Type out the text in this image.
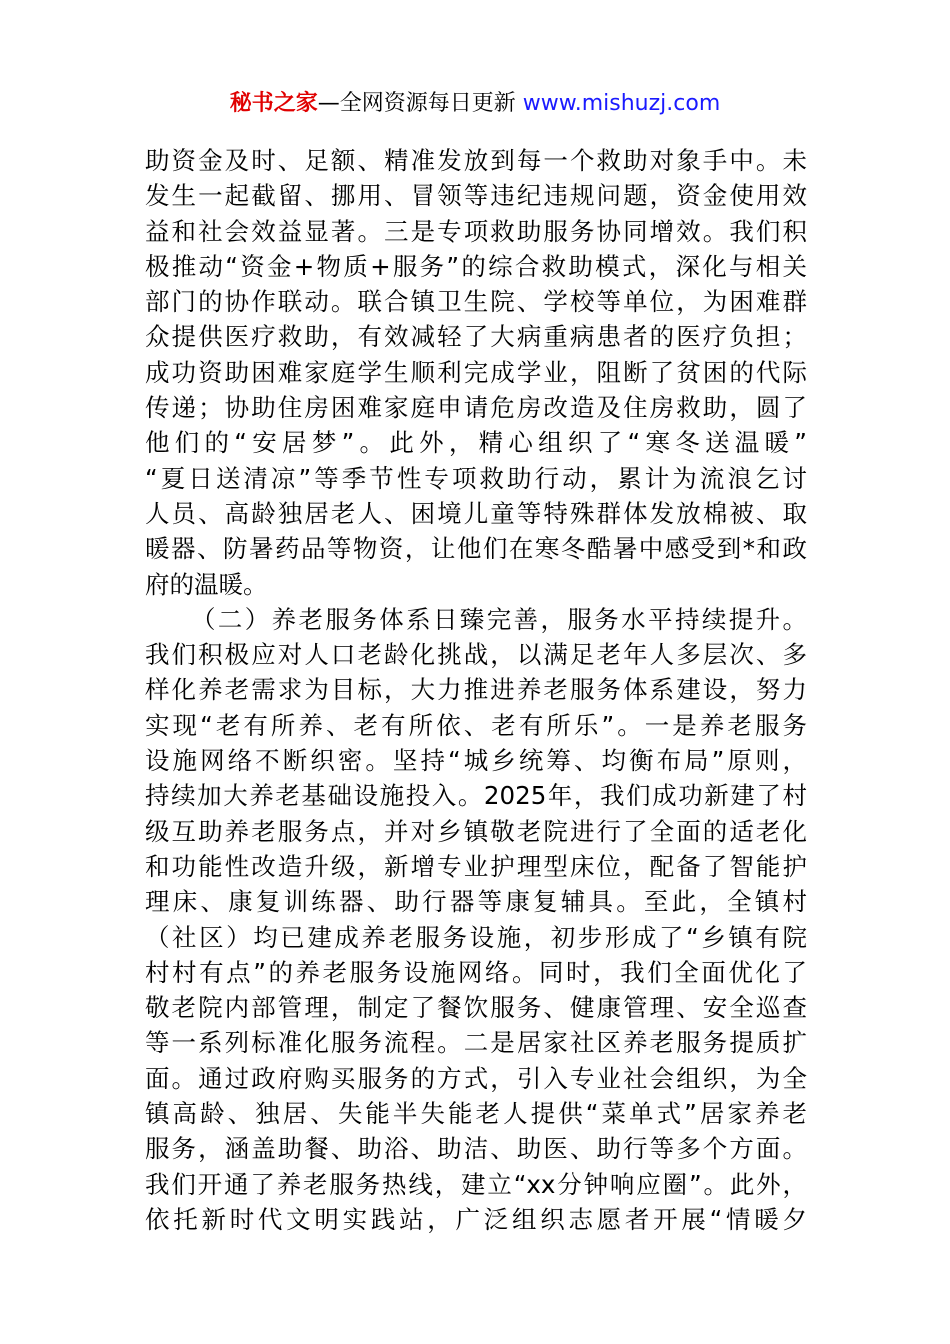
秘书之家—全网资源每日更新 www.mishuzj.com
助资金及时、足额、精准发放到每一个救助对象手中。未
发生一起截留、挪用、冒领等违纪违规问题，资金使用效
益和社会效益显著。三是专项救助服务协同增效。我们积
极推动“资金+物质+服务”的综合救助模式，深化与相关
部门的协作联动。联合镇卫生院、学校等单位，为困难群
众提供医疗救助，有效减轻了大病重病患者的医疗负担；
成功资助困难家庭学生顺利完成学业，阻断了贫困的代际
传递；协助住房困难家庭申请危房改造及住房救助，圆了
他们的“安居梦”。此外，精心组织了“寒冬送温暖”
“夏日送清凉”等季节性专项救助行动，累计为流浪乞讨
人员、高龄独居老人、困境儿童等特殊群体发放棉被、取
暖器、防暑药品等物资，让他们在寒冬酷暑中感受到*和政
府的温暖。
（二）养老服务体系日臻完善，服务水平持续提升。
我们积极应对人口老龄化挑战，以满足老年人多层次、多
样化养老需求为目标，大力推进养老服务体系建设，努力
实现“老有所养、老有所依、老有所乐”。一是养老服务
设施网络不断织密。坚持“城乡统筹、均衡布局”原则，
持续加大养老基础设施投入。2025年，我们成功新建了村
级互助养老服务点，并对乡镇敬老院进行了全面的适老化
和功能性改造升级，新增专业护理型床位，配备了智能护
理床、康复训练器、助行器等康复辅具。至此，全镇村
（社区）均已建成养老服务设施，初步形成了“乡镇有院
村村有点”的养老服务设施网络。同时，我们全面优化了
敬老院内部管理，制定了餐饮服务、健康管理、安全巡查
等一系列标准化服务流程。二是居家社区养老服务提质扩
面。通过政府购买服务的方式，引入专业社会组织，为全
镇高龄、独居、失能半失能老人提供“菜单式”居家养老
服务，涵盖助餐、助浴、助洁、助医、助行等多个方面。
我们开通了养老服务热线，建立“xx分钟响应圈”。此外，
依托新时代文明实践站，广泛组织志愿者开展“情暖夕
